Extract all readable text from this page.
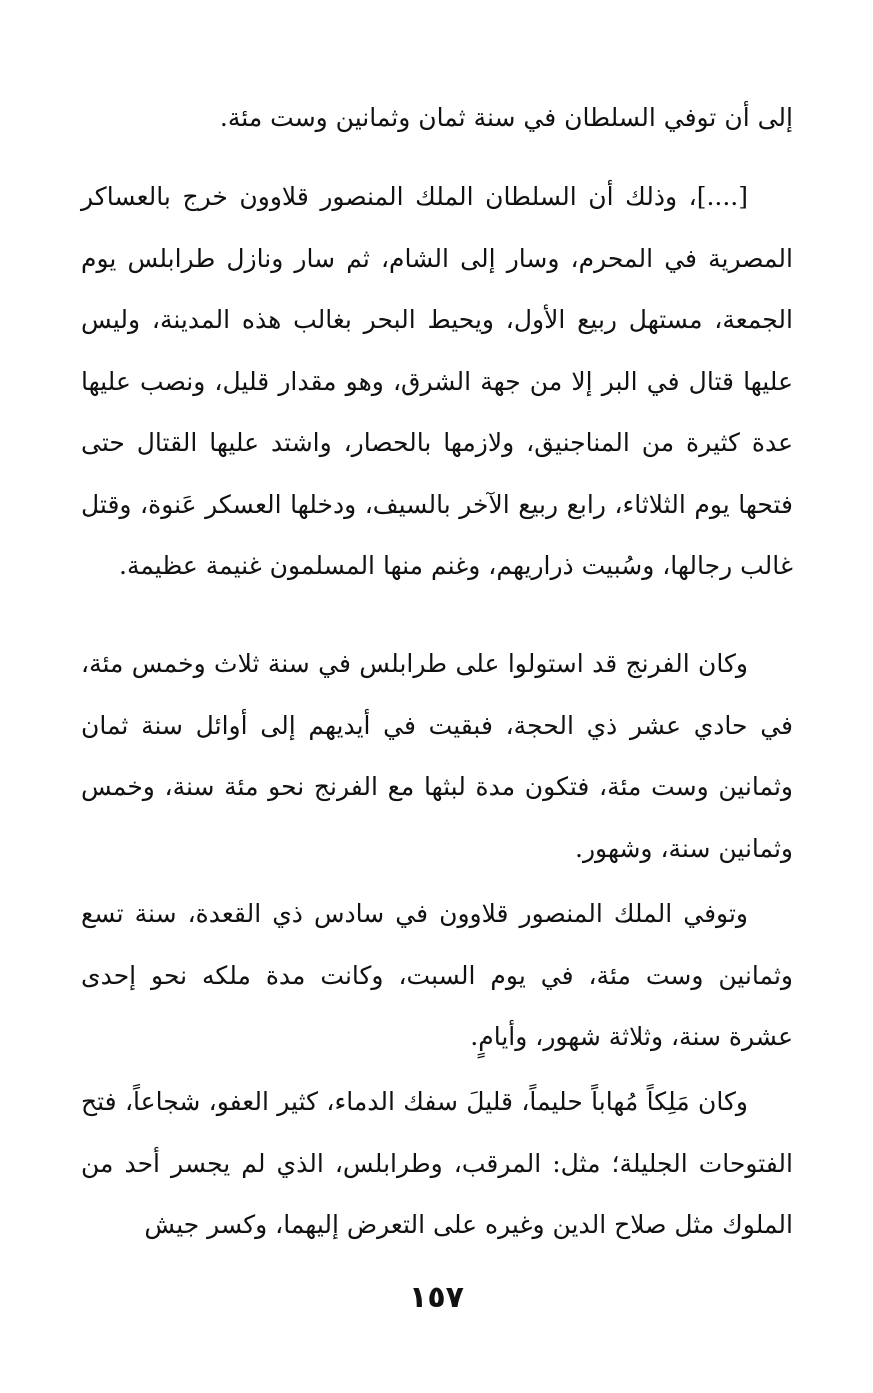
إلى أن توفي السلطان في سنة ثمان وثمانين وست مئة.

[....]، وذلك أن السلطان الملك المنصور قلاوون خرج بالعساكر المصرية في المحرم، وسار إلى الشام، ثم سار ونازل طرابلس يوم الجمعة، مستهل ربيع الأول، ويحيط البحر بغالب هذه المدينة، وليس عليها قتال في البر إلا من جهة الشرق، وهو مقدار قليل، ونصب عليها عدة كثيرة من المناجنيق، ولازمها بالحصار، واشتد عليها القتال حتى فتحها يوم الثلاثاء، رابع ربيع الآخر بالسيف، ودخلها العسكر عَنوة، وقتل غالب رجالها، وسُبيت ذراريهم، وغنم منها المسلمون غنيمة عظيمة.

وكان الفرنج قد استولوا على طرابلس في سنة ثلاث وخمس مئة، في حادي عشر ذي الحجة، فبقيت في أيديهم إلى أوائل سنة ثمان وثمانين وست مئة، فتكون مدة لبثها مع الفرنج نحو مئة سنة، وخمس وثمانين سنة، وشهور.

وتوفي الملك المنصور قلاوون في سادس ذي القعدة، سنة تسع وثمانين وست مئة، في يوم السبت، وكانت مدة ملكه نحو إحدى عشرة سنة، وثلاثة شهور، وأيامٍ.

وكان مَلِكاً مُهاباً حليماً، قليلَ سفك الدماء، كثير العفو، شجاعاً، فتح الفتوحات الجليلة؛ مثل: المرقب، وطرابلس، الذي لم يجسر أحد من الملوك مثل صلاح الدين وغيره على التعرض إليهما، وكسر جيش

١٥٧
